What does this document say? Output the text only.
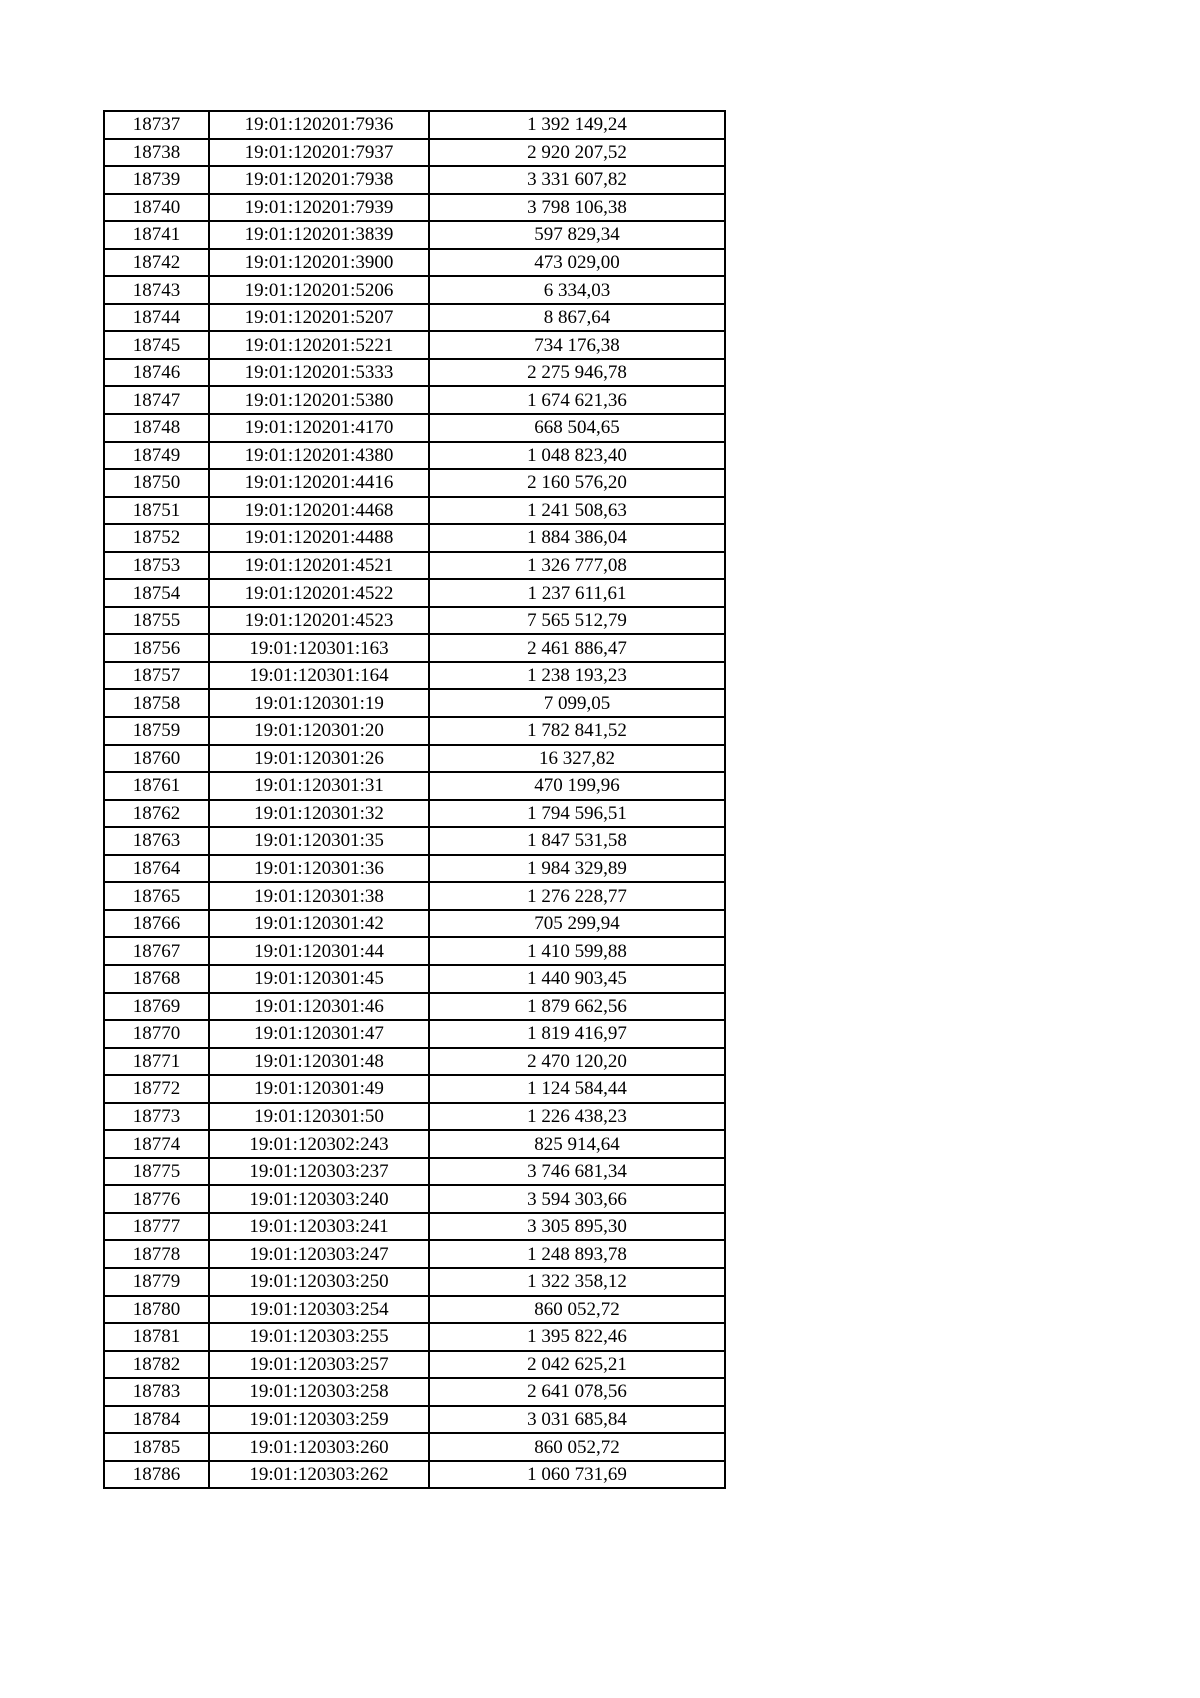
18737	19:01:120201:7936	1 392 149,24
18738	19:01:120201:7937	2 920 207,52
18739	19:01:120201:7938	3 331 607,82
18740	19:01:120201:7939	3 798 106,38
18741	19:01:120201:3839	597 829,34
18742	19:01:120201:3900	473 029,00
18743	19:01:120201:5206	6 334,03
18744	19:01:120201:5207	8 867,64
18745	19:01:120201:5221	734 176,38
18746	19:01:120201:5333	2 275 946,78
18747	19:01:120201:5380	1 674 621,36
18748	19:01:120201:4170	668 504,65
18749	19:01:120201:4380	1 048 823,40
18750	19:01:120201:4416	2 160 576,20
18751	19:01:120201:4468	1 241 508,63
18752	19:01:120201:4488	1 884 386,04
18753	19:01:120201:4521	1 326 777,08
18754	19:01:120201:4522	1 237 611,61
18755	19:01:120201:4523	7 565 512,79
18756	19:01:120301:163	2 461 886,47
18757	19:01:120301:164	1 238 193,23
18758	19:01:120301:19	7 099,05
18759	19:01:120301:20	1 782 841,52
18760	19:01:120301:26	16 327,82
18761	19:01:120301:31	470 199,96
18762	19:01:120301:32	1 794 596,51
18763	19:01:120301:35	1 847 531,58
18764	19:01:120301:36	1 984 329,89
18765	19:01:120301:38	1 276 228,77
18766	19:01:120301:42	705 299,94
18767	19:01:120301:44	1 410 599,88
18768	19:01:120301:45	1 440 903,45
18769	19:01:120301:46	1 879 662,56
18770	19:01:120301:47	1 819 416,97
18771	19:01:120301:48	2 470 120,20
18772	19:01:120301:49	1 124 584,44
18773	19:01:120301:50	1 226 438,23
18774	19:01:120302:243	825 914,64
18775	19:01:120303:237	3 746 681,34
18776	19:01:120303:240	3 594 303,66
18777	19:01:120303:241	3 305 895,30
18778	19:01:120303:247	1 248 893,78
18779	19:01:120303:250	1 322 358,12
18780	19:01:120303:254	860 052,72
18781	19:01:120303:255	1 395 822,46
18782	19:01:120303:257	2 042 625,21
18783	19:01:120303:258	2 641 078,56
18784	19:01:120303:259	3 031 685,84
18785	19:01:120303:260	860 052,72
18786	19:01:120303:262	1 060 731,69
